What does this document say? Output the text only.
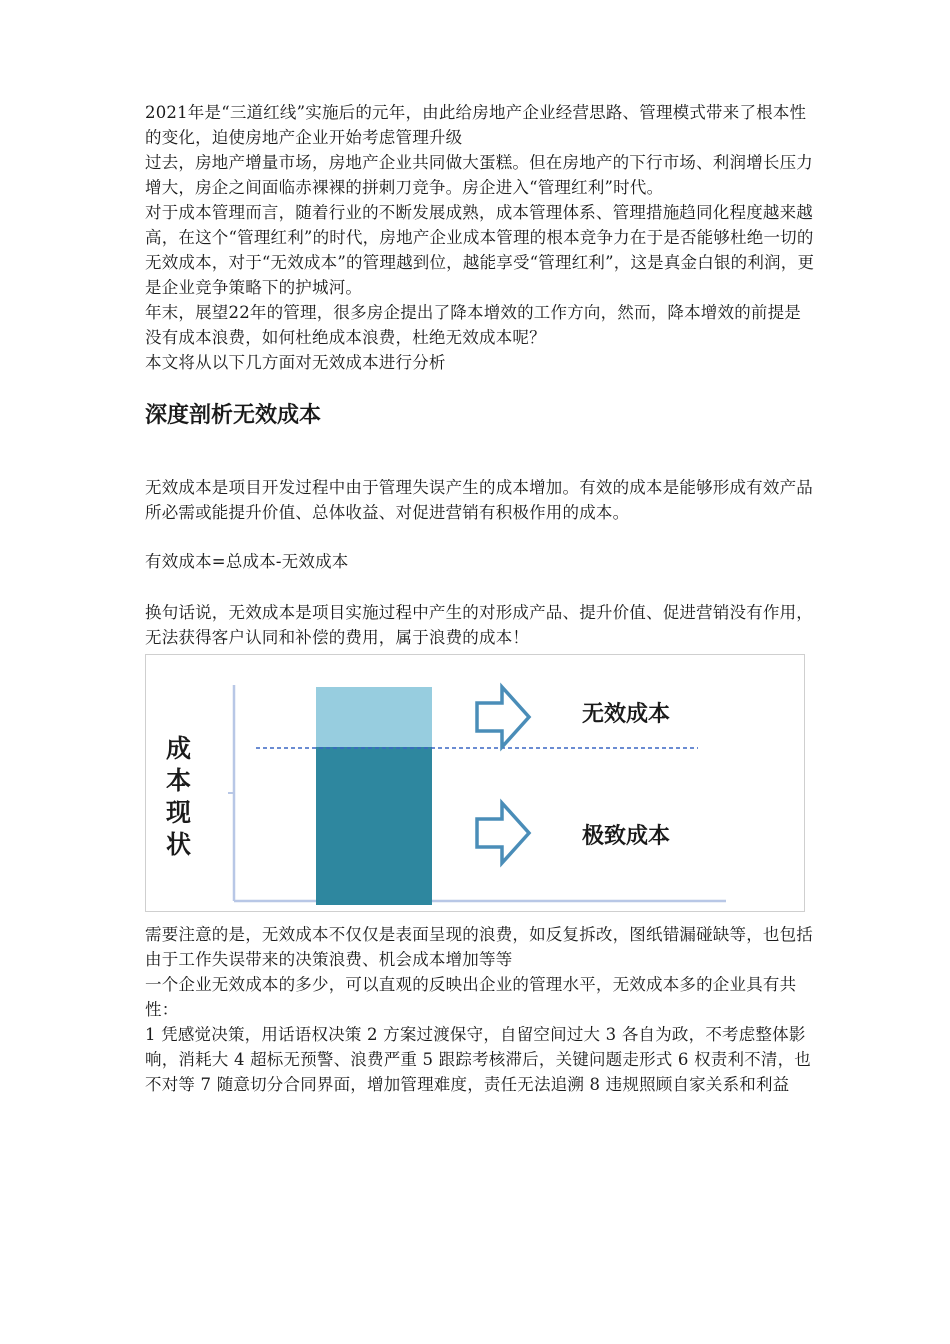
2021年是“三道红线”实施后的元年，由此给房地产企业经营思路、管理模式带来了根本性的变化，迫使房地产企业开始考虑管理升级

过去，房地产增量市场，房地产企业共同做大蛋糕。但在房地产的下行市场、利润增长压力增大，房企之间面临赤裸裸的拼刺刀竞争。房企进入“管理红利”时代。

对于成本管理而言，随着行业的不断发展成熟，成本管理体系、管理措施趋同化程度越来越高，在这个“管理红利”的时代，房地产企业成本管理的根本竞争力在于是否能够杜绝一切的无效成本，对于“无效成本”的管理越到位，越能享受“管理红利”，这是真金白银的利润，更是企业竞争策略下的护城河。

年末，展望22年的管理，很多房企提出了降本增效的工作方向，然而，降本增效的前提是没有成本浪费，如何杜绝成本浪费，杜绝无效成本呢？

本文将从以下几方面对无效成本进行分析

深度剖析无效成本

无效成本是项目开发过程中由于管理失误产生的成本增加。有效的成本是能够形成有效产品所必需或能提升价值、总体收益、对促进营销有积极作用的成本。

有效成本=总成本-无效成本

换句话说，无效成本是项目实施过程中产生的对形成产品、提升价值、促进营销没有作用，无法获得客户认同和补偿的费用，属于浪费的成本！

成
本
现
状
无效成本
极致成本

需要注意的是，无效成本不仅仅是表面呈现的浪费，如反复拆改，图纸错漏碰缺等，也包括由于工作失误带来的决策浪费、机会成本增加等等

一个企业无效成本的多少，可以直观的反映出企业的管理水平，无效成本多的企业具有共性：

1 凭感觉决策，用话语权决策 2 方案过渡保守，自留空间过大 3 各自为政，不考虑整体影响，消耗大 4 超标无预警、浪费严重 5 跟踪考核滞后，关键问题走形式 6 权责利不清，也不对等 7 随意切分合同界面，增加管理难度，责任无法追溯 8 违规照顾自家关系和利益
